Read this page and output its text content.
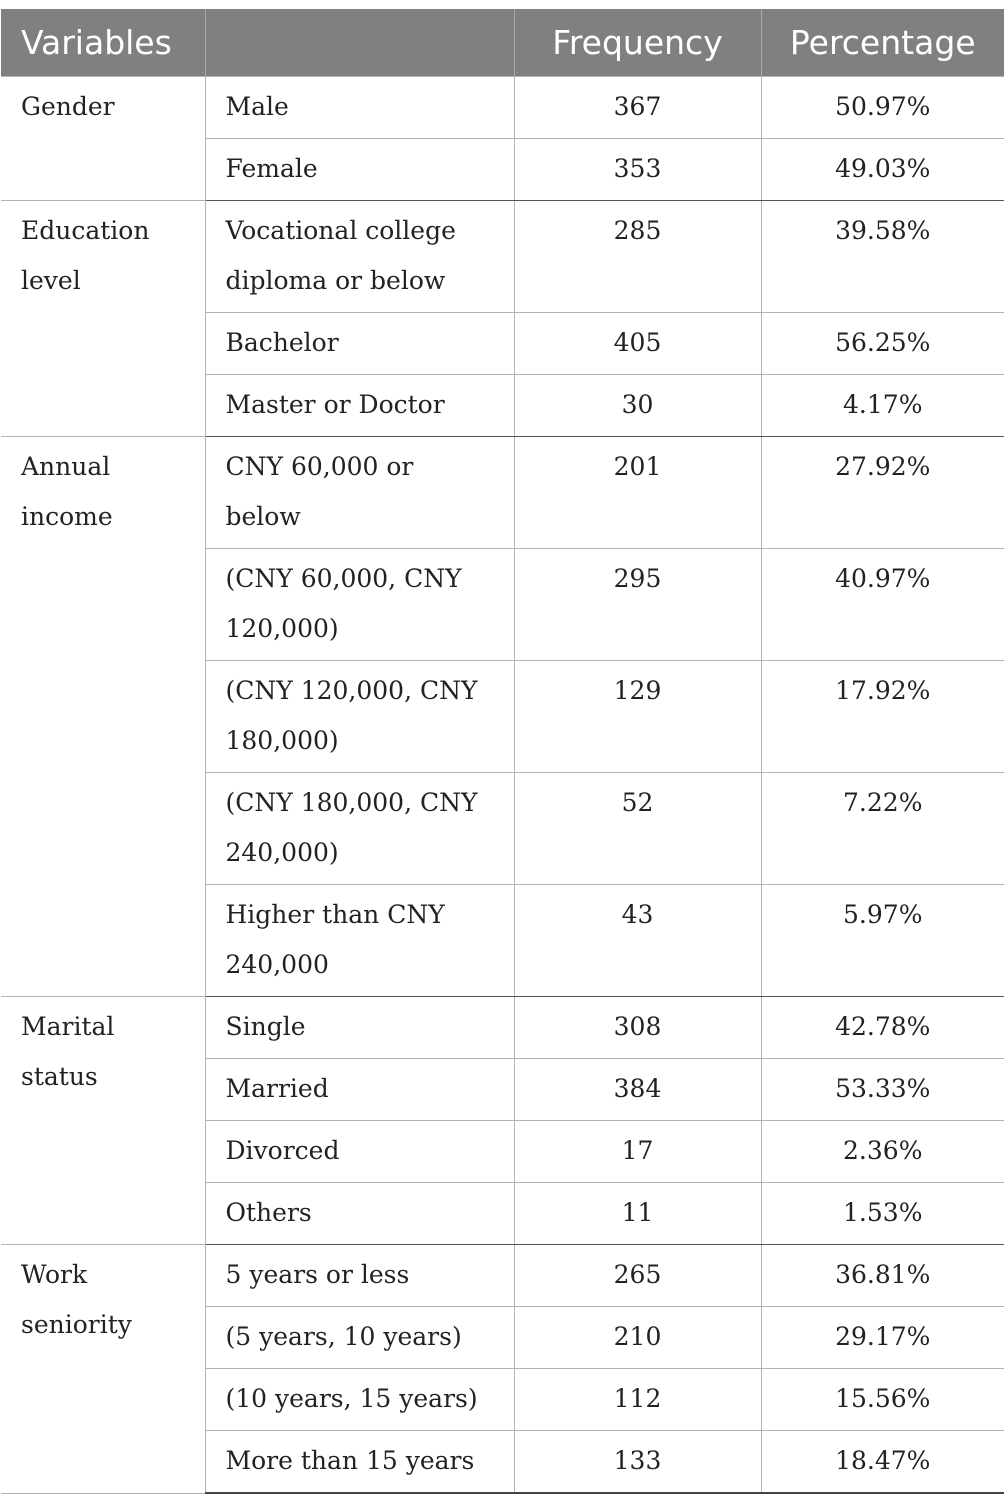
Variables		Frequency	Percentage
Gender	Male	367	50.97%
	Female	353	49.03%
Education level	Vocational college diploma or below	285	39.58%
	Bachelor	405	56.25%
	Master or Doctor	30	4.17%
Annual income	CNY 60,000 or below	201	27.92%
	(CNY 60,000, CNY 120,000)	295	40.97%
	(CNY 120,000, CNY 180,000)	129	17.92%
	(CNY 180,000, CNY 240,000)	52	7.22%
	Higher than CNY 240,000	43	5.97%
Marital status	Single	308	42.78%
	Married	384	53.33%
	Divorced	17	2.36%
	Others	11	1.53%
Work seniority	5 years or less	265	36.81%
	(5 years, 10 years)	210	29.17%
	(10 years, 15 years)	112	15.56%
	More than 15 years	133	18.47%
